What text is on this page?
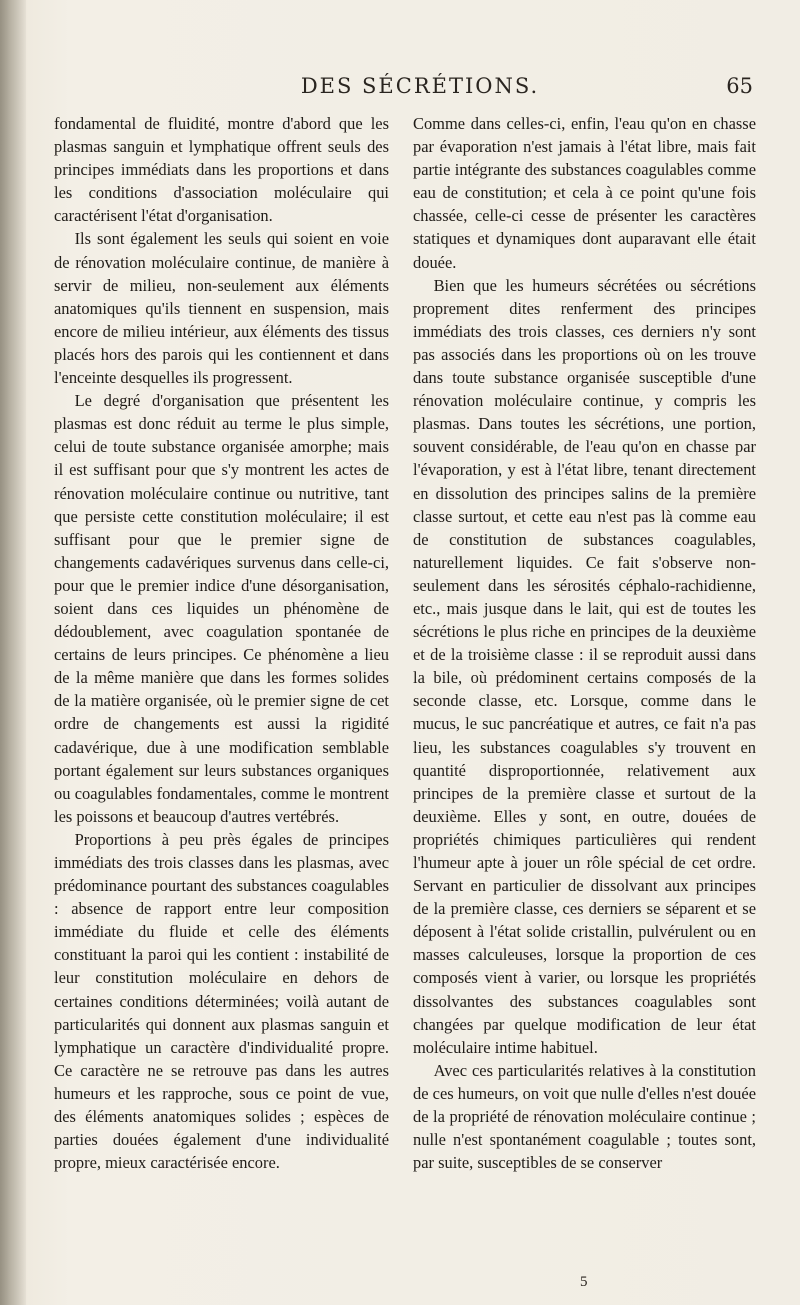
DES SÉCRÉTIONS.	65

fondamental de fluidité, montre d'abord que les plasmas sanguin et lymphatique offrent seuls des principes immédiats dans les proportions et dans les conditions d'association moléculaire qui caractérisent l'état d'organisation.

Ils sont également les seuls qui soient en voie de rénovation moléculaire continue, de manière à servir de milieu, non-seulement aux éléments anatomiques qu'ils tiennent en suspension, mais encore de milieu intérieur, aux éléments des tissus placés hors des parois qui les contiennent et dans l'enceinte desquelles ils progressent.

Le degré d'organisation que présentent les plasmas est donc réduit au terme le plus simple, celui de toute substance organisée amorphe; mais il est suffisant pour que s'y montrent les actes de rénovation moléculaire continue ou nutritive, tant que persiste cette constitution moléculaire; il est suffisant pour que le premier signe de changements cadavériques survenus dans celle-ci, pour que le premier indice d'une désorganisation, soient dans ces liquides un phénomène de dédoublement, avec coagulation spontanée de certains de leurs principes. Ce phénomène a lieu de la même manière que dans les formes solides de la matière organisée, où le premier signe de cet ordre de changements est aussi la rigidité cadavérique, due à une modification semblable portant également sur leurs substances organiques ou coagulables fondamentales, comme le montrent les poissons et beaucoup d'autres vertébrés.

Proportions à peu près égales de principes immédiats des trois classes dans les plasmas, avec prédominance pourtant des substances coagulables : absence de rapport entre leur composition immédiate du fluide et celle des éléments constituant la paroi qui les contient : instabilité de leur constitution moléculaire en dehors de certaines conditions déterminées; voilà autant de particularités qui donnent aux plasmas sanguin et lymphatique un caractère d'individualité propre. Ce caractère ne se retrouve pas dans les autres humeurs et les rapproche, sous ce point de vue, des éléments anatomiques solides ; espèces de parties douées également d'une individualité propre, mieux caractérisée encore.

Comme dans celles-ci, enfin, l'eau qu'on en chasse par évaporation n'est jamais à l'état libre, mais fait partie intégrante des substances coagulables comme eau de constitution; et cela à ce point qu'une fois chassée, celle-ci cesse de présenter les caractères statiques et dynamiques dont auparavant elle était douée.

Bien que les humeurs sécrétées ou sécrétions proprement dites renferment des principes immédiats des trois classes, ces derniers n'y sont pas associés dans les proportions où on les trouve dans toute substance organisée susceptible d'une rénovation moléculaire continue, y compris les plasmas. Dans toutes les sécrétions, une portion, souvent considérable, de l'eau qu'on en chasse par l'évaporation, y est à l'état libre, tenant directement en dissolution des principes salins de la première classe surtout, et cette eau n'est pas là comme eau de constitution de substances coagulables, naturellement liquides. Ce fait s'observe non-seulement dans les sérosités céphalo-rachidienne, etc., mais jusque dans le lait, qui est de toutes les sécrétions le plus riche en principes de la deuxième et de la troisième classe : il se reproduit aussi dans la bile, où prédominent certains composés de la seconde classe, etc. Lorsque, comme dans le mucus, le suc pancréatique et autres, ce fait n'a pas lieu, les substances coagulables s'y trouvent en quantité disproportionnée, relativement aux principes de la première classe et surtout de la deuxième. Elles y sont, en outre, douées de propriétés chimiques particulières qui rendent l'humeur apte à jouer un rôle spécial de cet ordre. Servant en particulier de dissolvant aux principes de la première classe, ces derniers se séparent et se déposent à l'état solide cristallin, pulvérulent ou en masses calculeuses, lorsque la proportion de ces composés vient à varier, ou lorsque les propriétés dissolvantes des substances coagulables sont changées par quelque modification de leur état moléculaire intime habituel.

Avec ces particularités relatives à la constitution de ces humeurs, on voit que nulle d'elles n'est douée de la propriété de rénovation moléculaire continue ; nulle n'est spontanément coagulable ; toutes sont, par suite, susceptibles de se conserver

5
